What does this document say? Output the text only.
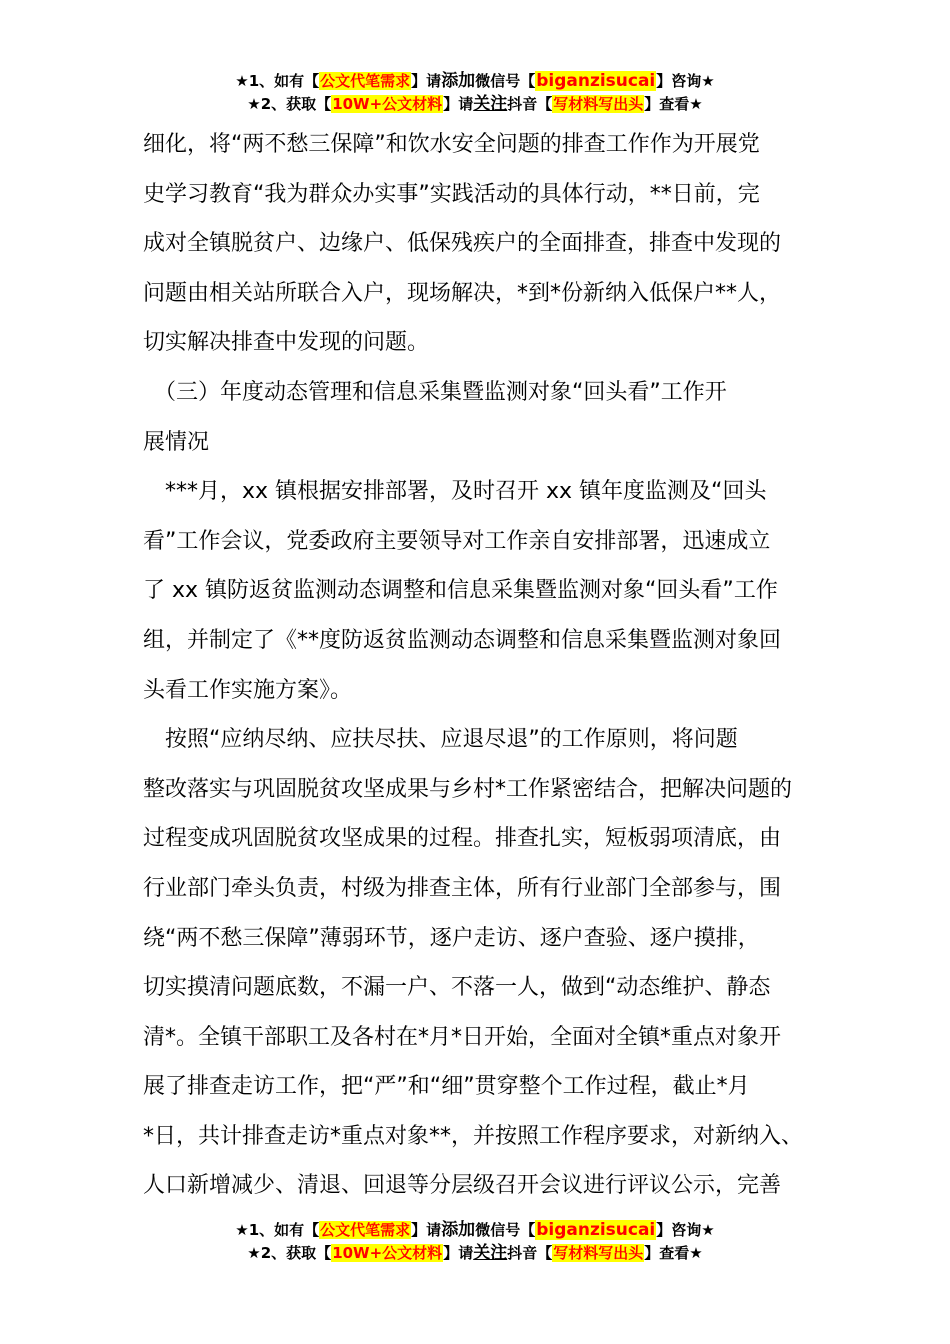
★1、如有【公文代笔需求】请添加微信号【biganzisucai】咨询★
★2、获取【10W+公文材料】请关注抖音【写材料写出头】查看★
细化，将“两不愁三保障”和饮水安全问题的排查工作作为开展党
史学习教育“我为群众办实事”实践活动的具体行动，**日前，完
成对全镇脱贫户、边缘户、低保残疾户的全面排查，排查中发现的
问题由相关站所联合入户，现场解决，*到*份新纳入低保户**人，
切实解决排查中发现的问题。
　（三）年度动态管理和信息采集暨监测对象“回头看”工作开
展情况
　***月，xx 镇根据安排部署，及时召开 xx 镇年度监测及“回头
看”工作会议，党委政府主要领导对工作亲自安排部署，迅速成立
了 xx 镇防返贫监测动态调整和信息采集暨监测对象“回头看”工作
组，并制定了《**度防返贫监测动态调整和信息采集暨监测对象回
头看工作实施方案》。
　按照“应纳尽纳、应扶尽扶、应退尽退”的工作原则，将问题
整改落实与巩固脱贫攻坚成果与乡村*工作紧密结合，把解决问题的
过程变成巩固脱贫攻坚成果的过程。排查扎实，短板弱项清底，由
行业部门牵头负责，村级为排查主体，所有行业部门全部参与，围
绕“两不愁三保障”薄弱环节，逐户走访、逐户查验、逐户摸排，
切实摸清问题底数，不漏一户、不落一人，做到“动态维护、静态
清*。全镇干部职工及各村在*月*日开始，全面对全镇*重点对象开
展了排查走访工作，把“严”和“细”贯穿整个工作过程，截止*月
*日，共计排查走访*重点对象**，并按照工作程序要求，对新纳入、
人口新增减少、清退、回退等分层级召开会议进行评议公示，完善
★1、如有【公文代笔需求】请添加微信号【biganzisucai】咨询★
★2、获取【10W+公文材料】请关注抖音【写材料写出头】查看★
